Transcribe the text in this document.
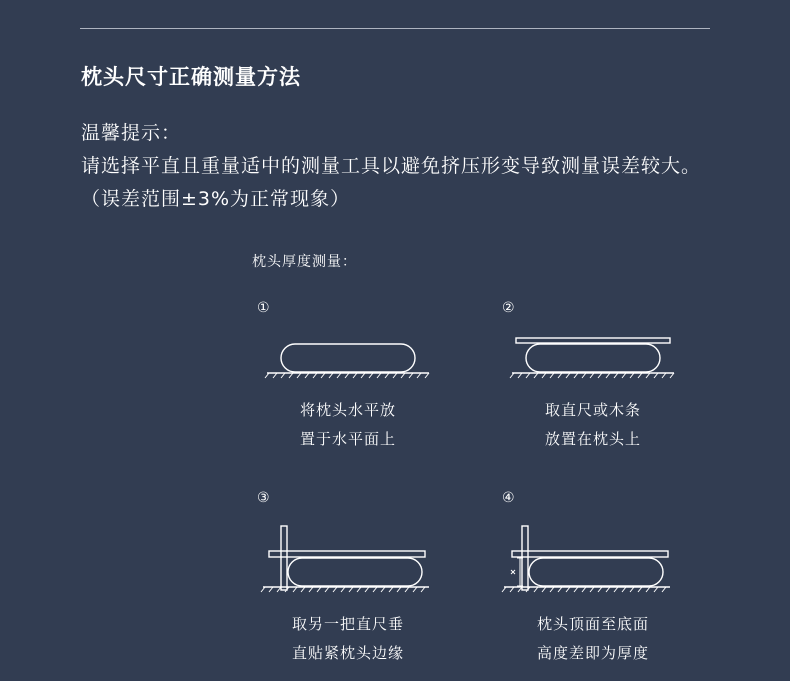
枕头尺寸正确测量方法
温馨提示：
请选择平直且重量适中的测量工具以避免挤压形变导致测量误差较大。（误差范围±3%为正常现象）
枕头厚度测量：
①
将枕头水平放
置于水平面上
②
取直尺或木条
放置在枕头上
③
取另一把直尺垂
直贴紧枕头边缘
④
枕头顶面至底面
高度差即为厚度
